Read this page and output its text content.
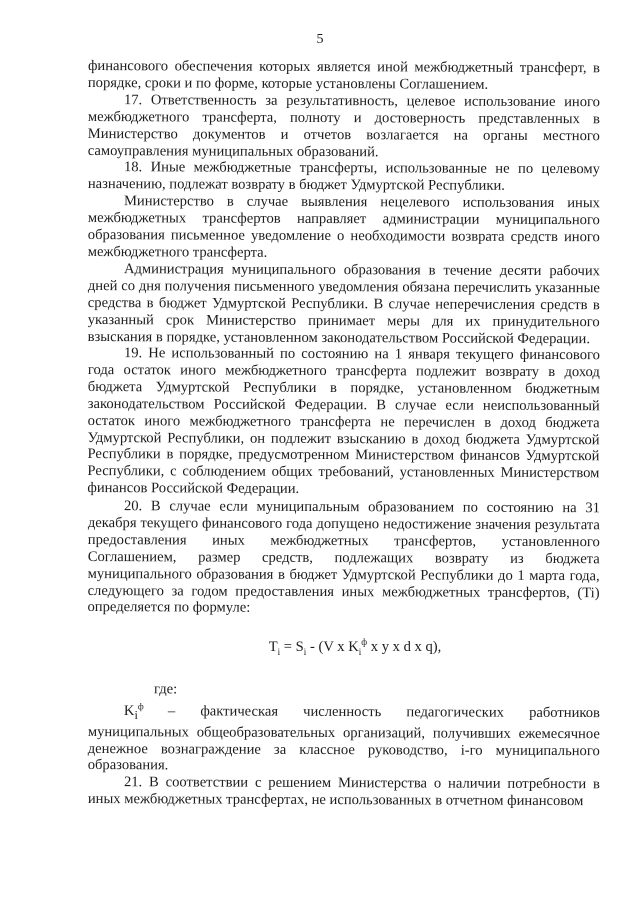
5

финансового обеспечения которых является иной межбюджетный трансферт, в порядке, сроки и по форме, которые установлены Соглашением.

17. Ответственность за результативность, целевое использование иного межбюджетного трансферта, полноту и достоверность представленных в Министерство документов и отчетов возлагается на органы местного самоуправления муниципальных образований.

18. Иные межбюджетные трансферты, использованные не по целевому назначению, подлежат возврату в бюджет Удмуртской Республики.

Министерство в случае выявления нецелевого использования иных межбюджетных трансфертов направляет администрации муниципального образования письменное уведомление о необходимости возврата средств иного межбюджетного трансферта.

Администрация муниципального образования в течение десяти рабочих дней со дня получения письменного уведомления обязана перечислить указанные средства в бюджет Удмуртской Республики. В случае неперечисления средств в указанный срок Министерство принимает меры для их принудительного взыскания в порядке, установленном законодательством Российской Федерации.

19. Не использованный по состоянию на 1 января текущего финансового года остаток иного межбюджетного трансферта подлежит возврату в доход бюджета Удмуртской Республики в порядке, установленном бюджетным законодательством Российской Федерации. В случае если неиспользованный остаток иного межбюджетного трансферта не перечислен в доход бюджета Удмуртской Республики, он подлежит взысканию в доход бюджета Удмуртской Республики в порядке, предусмотренном Министерством финансов Удмуртской Республики, с соблюдением общих требований, установленных Министерством финансов Российской Федерации.

20. В случае если муниципальным образованием по состоянию на 31 декабря текущего финансового года допущено недостижение значения результата предоставления иных межбюджетных трансфертов, установленного Соглашением, размер средств, подлежащих возврату из бюджета муниципального образования в бюджет Удмуртской Республики до 1 марта года, следующего за годом предоставления иных межбюджетных трансфертов, (Ti) определяется по формуле:

$T_i = S_i - (V$ x $K_i^ф$ x y x d x q),

где:

$K_i^ф$ – фактическая численность педагогических работников муниципальных общеобразовательных организаций, получивших ежемесячное денежное вознаграждение за классное руководство, i-го муниципального образования.

21. В соответствии с решением Министерства о наличии потребности в иных межбюджетных трансфертах, не использованных в отчетном финансовом
